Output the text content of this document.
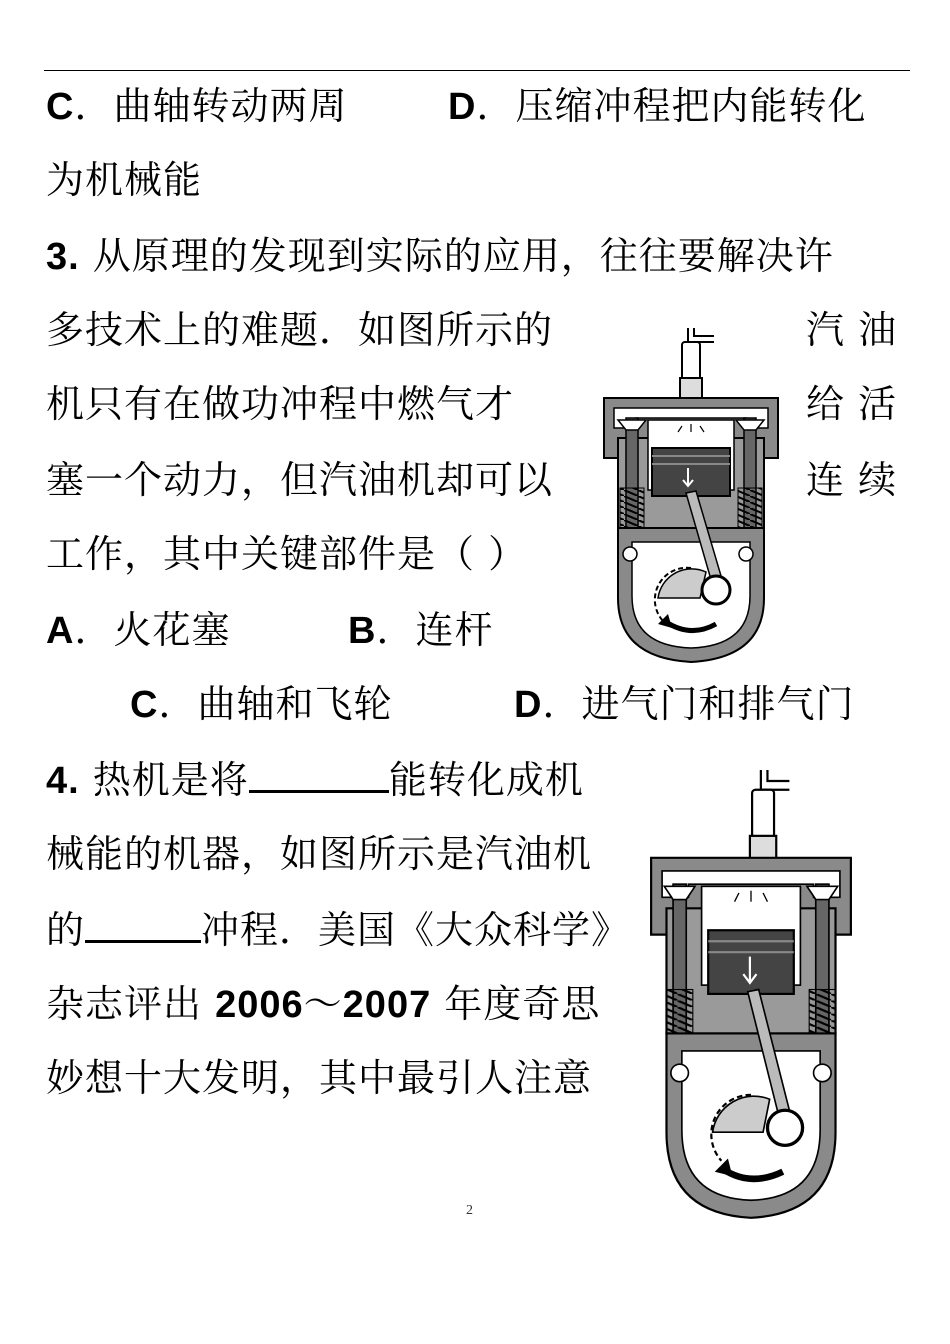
C．曲轴转动两周	D．压缩冲程把内能转化
为机械能
3. 从原理的发现到实际的应用，往往要解决许
多技术上的难题．如图所示的	汽 油
机只有在做功冲程中燃气才	给 活
塞一个动力，但汽油机却可以	连 续
工作，其中关键部件是（ ）
A．火花塞	B．连杆
C．曲轴和飞轮	D．进气门和排气门
4. 热机是将	能转化成机
械能的机器，如图所示是汽油机
的	冲程．美国《大众科学》
杂志评出 2006～2007 年度奇思
妙想十大发明，其中最引人注意
2
